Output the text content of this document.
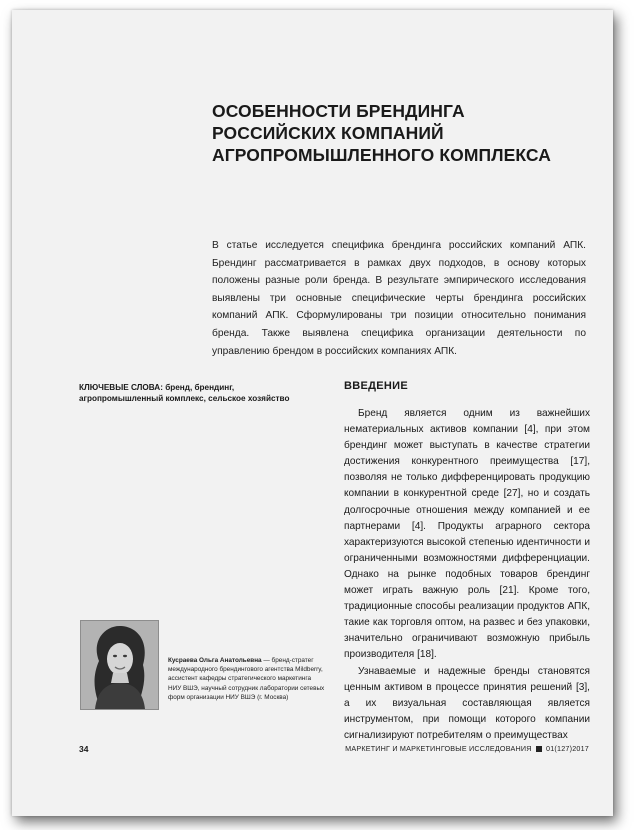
ОСОБЕННОСТИ БРЕНДИНГА РОССИЙСКИХ КОМПАНИЙ АГРОПРОМЫШЛЕННОГО КОМПЛЕКСА

В статье исследуется специфика брендинга российских компаний АПК. Брендинг рассматривается в рамках двух подходов, в основу которых положены разные роли бренда. В результате эмпирического исследования выявлены три основные специфические черты брендинга российских компаний АПК. Сформулированы три позиции относительно понимания бренда. Также выявлена специфика организации деятельности по управлению брендом в российских компаниях АПК.

КЛЮЧЕВЫЕ СЛОВА: бренд, брендинг, агропромышленный комплекс, сельское хозяйство

ВВЕДЕНИЕ

Бренд является одним из важнейших нематериальных активов компании [4], при этом брендинг может выступать в качестве стратегии достижения конкурентного преимущества [17], позволяя не только дифференцировать продукцию компании в конкурентной среде [27], но и создать долгосрочные отношения между компанией и ее партнерами [4]. Продукты аграрного сектора характеризуются высокой степенью идентичности и ограниченными возможностями дифференциации. Однако на рынке подобных товаров брендинг может играть важную роль [21]. Кроме того, традиционные способы реализации продуктов АПК, такие как торговля оптом, на развес и без упаковки, значительно ограничивают возможную прибыль производителя [18].

Узнаваемые и надежные бренды становятся ценным активом в процессе принятия решений [3], а их визуальная составляющая является инструментом, при помощи которого компании сигнализируют потребителям о преимуществах

Кусраева Ольга Анатольевна — бренд-стратег международного брендингового агентства Mildberry, ассистент кафедры стратегического маркетинга НИУ ВШЭ, научный сотрудник лаборатории сетевых форм организации НИУ ВШЭ (г. Москва)

34	МАРКЕТИНГ И МАРКЕТИНГОВЫЕ ИССЛЕДОВАНИЯ 01(127)2017
